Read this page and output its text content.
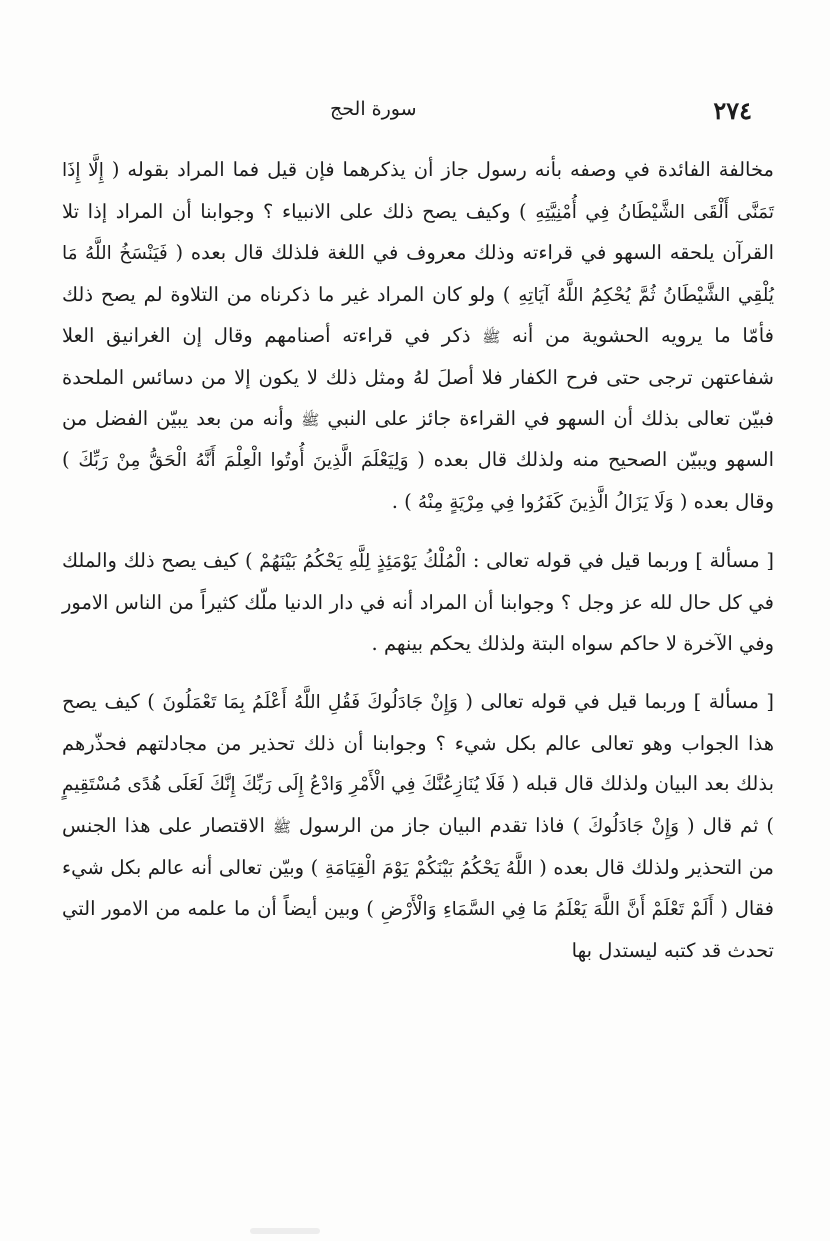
٢٧٤
سورة الحج

مخالفة الفائدة في وصفه بأنه رسول جاز أن يذكرهما فإن قيل فما المراد بقوله ( إِلَّا إِذَا تَمَنَّى أَلْقَى الشَّيْطَانُ فِي أُمْنِيَّتِهِ ) وكيف يصح ذلك على الانبياء ؟ وجوابنا أن المراد إذا تلا القرآن يلحقه السهو في قراءته وذلك معروف في اللغة فلذلك قال بعده ( فَيَنْسَخُ اللَّهُ مَا يُلْقِي الشَّيْطَانُ ثُمَّ يُحْكِمُ اللَّهُ آيَاتِهِ ) ولو كان المراد غير ما ذكرناه من التلاوة لم يصح ذلك فأمّا ما يرويه الحشوية من أنه ﷺ ذكر في قراءته أصنامهم وقال إن الغرانيق العلا شفاعتهن ترجى حتى فرح الكفار فلا أصلَ لهُ ومثل ذلك لا يكون إلا من دسائس الملحدة فبيّن تعالى بذلك أن السهو في القراءة جائز على النبي ﷺ وأنه من بعد يبيّن الفضل من السهو ويبيّن الصحيح منه ولذلك قال بعده ( وَلِيَعْلَمَ الَّذِينَ أُوتُوا الْعِلْمَ أَنَّهُ الْحَقُّ مِنْ رَبِّكَ ) وقال بعده ( وَلَا يَزَالُ الَّذِينَ كَفَرُوا فِي مِرْيَةٍ مِنْهُ ) .

[ مسألة ] وربما قيل في قوله تعالى : الْمُلْكُ يَوْمَئِذٍ لِلَّهِ يَحْكُمُ بَيْنَهُمْ ) كيف يصح ذلك والملك في كل حال لله عز وجل ؟ وجوابنا أن المراد أنه في دار الدنيا ملّك كثيراً من الناس الامور وفي الآخرة لا حاكم سواه البتة ولذلك يحكم بينهم .

[ مسألة ] وربما قيل في قوله تعالى ( وَإِنْ جَادَلُوكَ فَقُلِ اللَّهُ أَعْلَمُ بِمَا تَعْمَلُونَ ) كيف يصح هذا الجواب وهو تعالى عالم بكل شيء ؟ وجوابنا أن ذلك تحذير من مجادلتهم فحذّرهم بذلك بعد البيان ولذلك قال قبله ( فَلَا يُنَازِعُنَّكَ فِي الْأَمْرِ وَادْعُ إِلَى رَبِّكَ إِنَّكَ لَعَلَى هُدًى مُسْتَقِيمٍ ) ثم قال ( وَإِنْ جَادَلُوكَ ) فاذا تقدم البيان جاز من الرسول ﷺ الاقتصار على هذا الجنس من التحذير ولذلك قال بعده ( اللَّهُ يَحْكُمُ بَيْنَكُمْ يَوْمَ الْقِيَامَةِ ) وبيّن تعالى أنه عالم بكل شيء فقال ( أَلَمْ تَعْلَمْ أَنَّ اللَّهَ يَعْلَمُ مَا فِي السَّمَاءِ وَالْأَرْضِ ) وبين أيضاً أن ما علمه من الامور التي تحدث قد كتبه ليستدل بها
